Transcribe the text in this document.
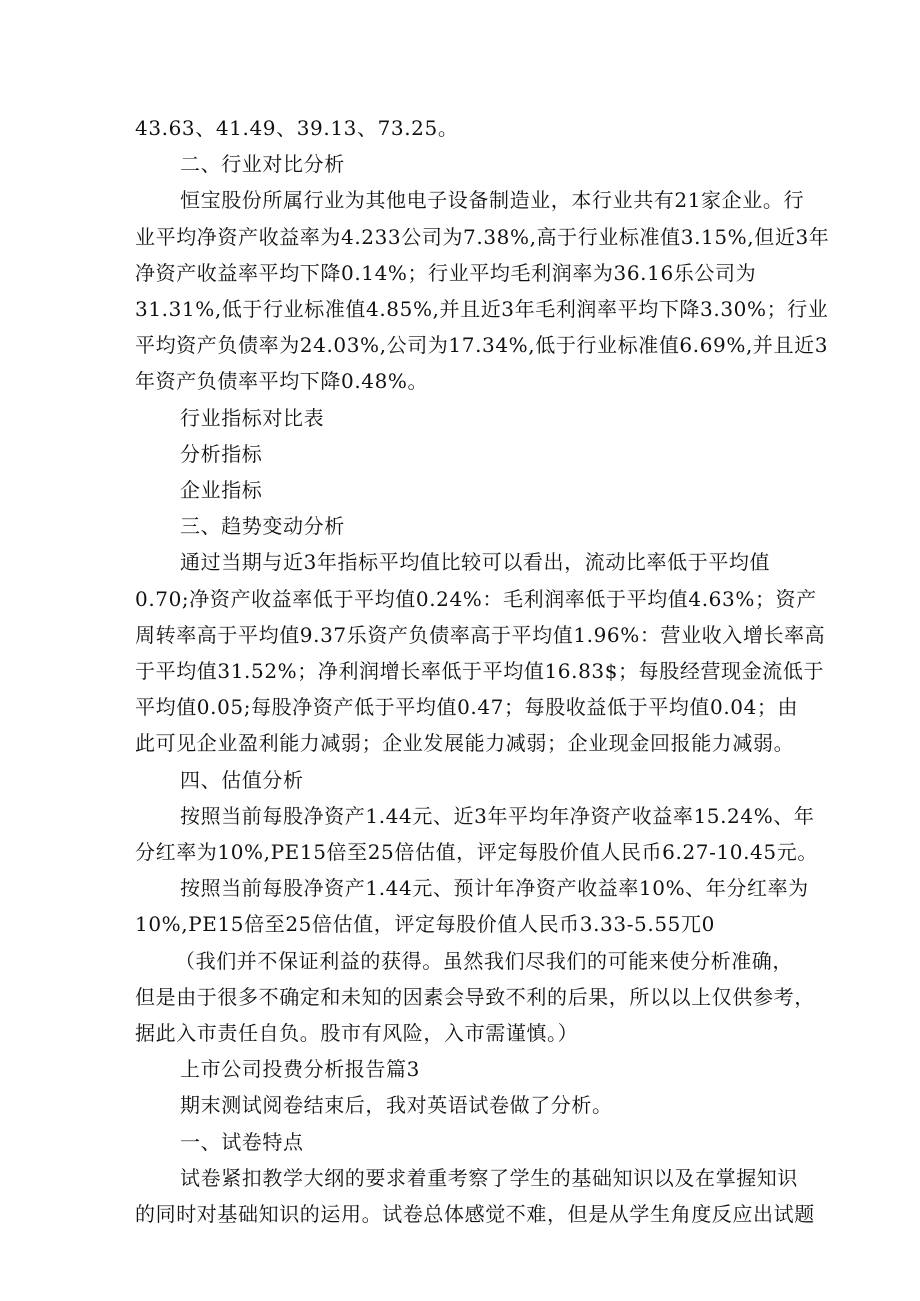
43.63、41.49、39.13、73.25。
二、行业对比分析
恒宝股份所属行业为其他电子设备制造业，本行业共有21家企业。行
业平均净资产收益率为4.233公司为7.38%,高于行业标准值3.15%,但近3年
净资产收益率平均下降0.14%；行业平均毛利润率为36.16乐公司为
31.31%,低于行业标准值4.85%,并且近3年毛利润率平均下降3.30%；行业
平均资产负债率为24.03%,公司为17.34%,低于行业标准值6.69%,并且近3
年资产负债率平均下降0.48%。
行业指标对比表
分析指标
企业指标
三、趋势变动分析
通过当期与近3年指标平均值比较可以看出，流动比率低于平均值
0.70;净资产收益率低于平均值0.24%：毛利润率低于平均值4.63%；资产
周转率高于平均值9.37乐资产负债率高于平均值1.96%：营业收入增长率高
于平均值31.52%；净利润增长率低于平均值16.83$；每股经营现金流低于
平均值0.05;每股净资产低于平均值0.47；每股收益低于平均值0.04；由
此可见企业盈利能力减弱；企业发展能力减弱；企业现金回报能力减弱。
四、估值分析
按照当前每股净资产1.44元、近3年平均年净资产收益率15.24%、年
分红率为10%,PE15倍至25倍估值，评定每股价值人民币6.27-10.45元。
按照当前每股净资产1.44元、预计年净资产收益率10%、年分红率为
10%,PE15倍至25倍估值，评定每股价值人民币3.33-5.55兀0
（我们并不保证利益的获得。虽然我们尽我们的可能来使分析准确，
但是由于很多不确定和未知的因素会导致不利的后果，所以以上仅供参考，
据此入市责任自负。股市有风险，入市需谨慎。）
上市公司投费分析报告篇3
期末测试阅卷结束后，我对英语试卷做了分析。
一、试卷特点
试卷紧扣教学大纲的要求着重考察了学生的基础知识以及在掌握知识
的同时对基础知识的运用。试卷总体感觉不难，但是从学生角度反应出试题
